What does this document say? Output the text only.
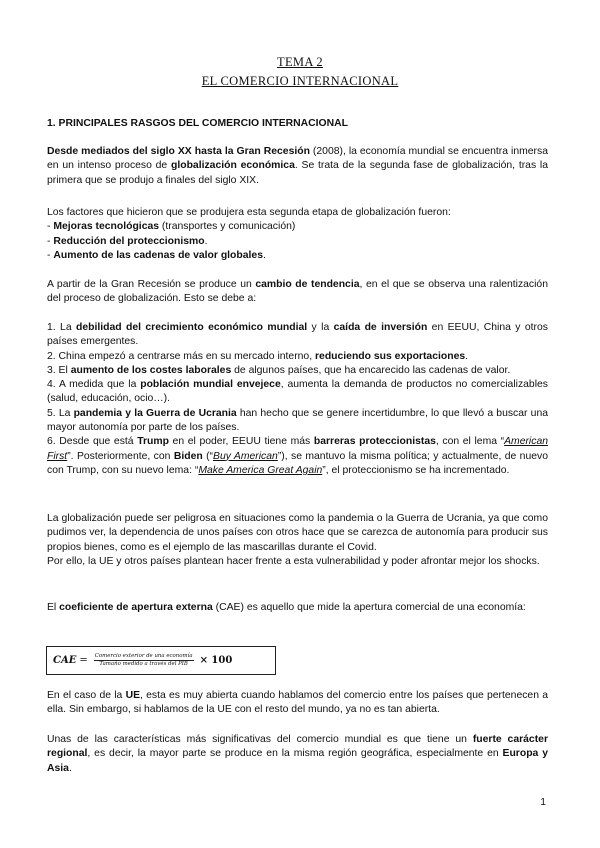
TEMA 2
EL COMERCIO INTERNACIONAL
1. PRINCIPALES RASGOS DEL COMERCIO INTERNACIONAL
Desde mediados del siglo XX hasta la Gran Recesión (2008), la economía mundial se encuentra inmersa en un intenso proceso de globalización económica. Se trata de la segunda fase de globalización, tras la primera que se produjo a finales del siglo XIX.
Los factores que hicieron que se produjera esta segunda etapa de globalización fueron:
- Mejoras tecnológicas (transportes y comunicación)
- Reducción del proteccionismo.
- Aumento de las cadenas de valor globales.
A partir de la Gran Recesión se produce un cambio de tendencia, en el que se observa una ralentización del proceso de globalización. Esto se debe a:
1. La debilidad del crecimiento económico mundial y la caída de inversión en EEUU, China y otros países emergentes.
2. China empezó a centrarse más en su mercado interno, reduciendo sus exportaciones.
3. El aumento de los costes laborales de algunos países, que ha encarecido las cadenas de valor.
4. A medida que la población mundial envejece, aumenta la demanda de productos no comercializables (salud, educación, ocio…).
5. La pandemia y la Guerra de Ucrania han hecho que se genere incertidumbre, lo que llevó a buscar una mayor autonomía por parte de los países.
6. Desde que está Trump en el poder, EEUU tiene más barreras proteccionistas, con el lema “American First”. Posteriormente, con Biden (“Buy American”), se mantuvo la misma política; y actualmente, de nuevo con Trump, con su nuevo lema: “Make America Great Again”, el proteccionismo se ha incrementado.
La globalización puede ser peligrosa en situaciones como la pandemia o la Guerra de Ucrania, ya que como pudimos ver, la dependencia de unos países con otros hace que se carezca de autonomía para producir sus propios bienes, como es el ejemplo de las mascarillas durante el Covid.
Por ello, la UE y otros países plantean hacer frente a esta vulnerabilidad y poder afrontar mejor los shocks.
El coeficiente de apertura externa (CAE) es aquello que mide la apertura comercial de una economía:
CAE = $\frac{\text{Comercio exterior de una economía}}{\text{Tamaño medido a través del PIB}} \times 100$
En el caso de la UE, esta es muy abierta cuando hablamos del comercio entre los países que pertenecen a ella. Sin embargo, si hablamos de la UE con el resto del mundo, ya no es tan abierta.
Unas de las características más significativas del comercio mundial es que tiene un fuerte carácter regional, es decir, la mayor parte se produce en la misma región geográfica, especialmente en Europa y Asia.
1
